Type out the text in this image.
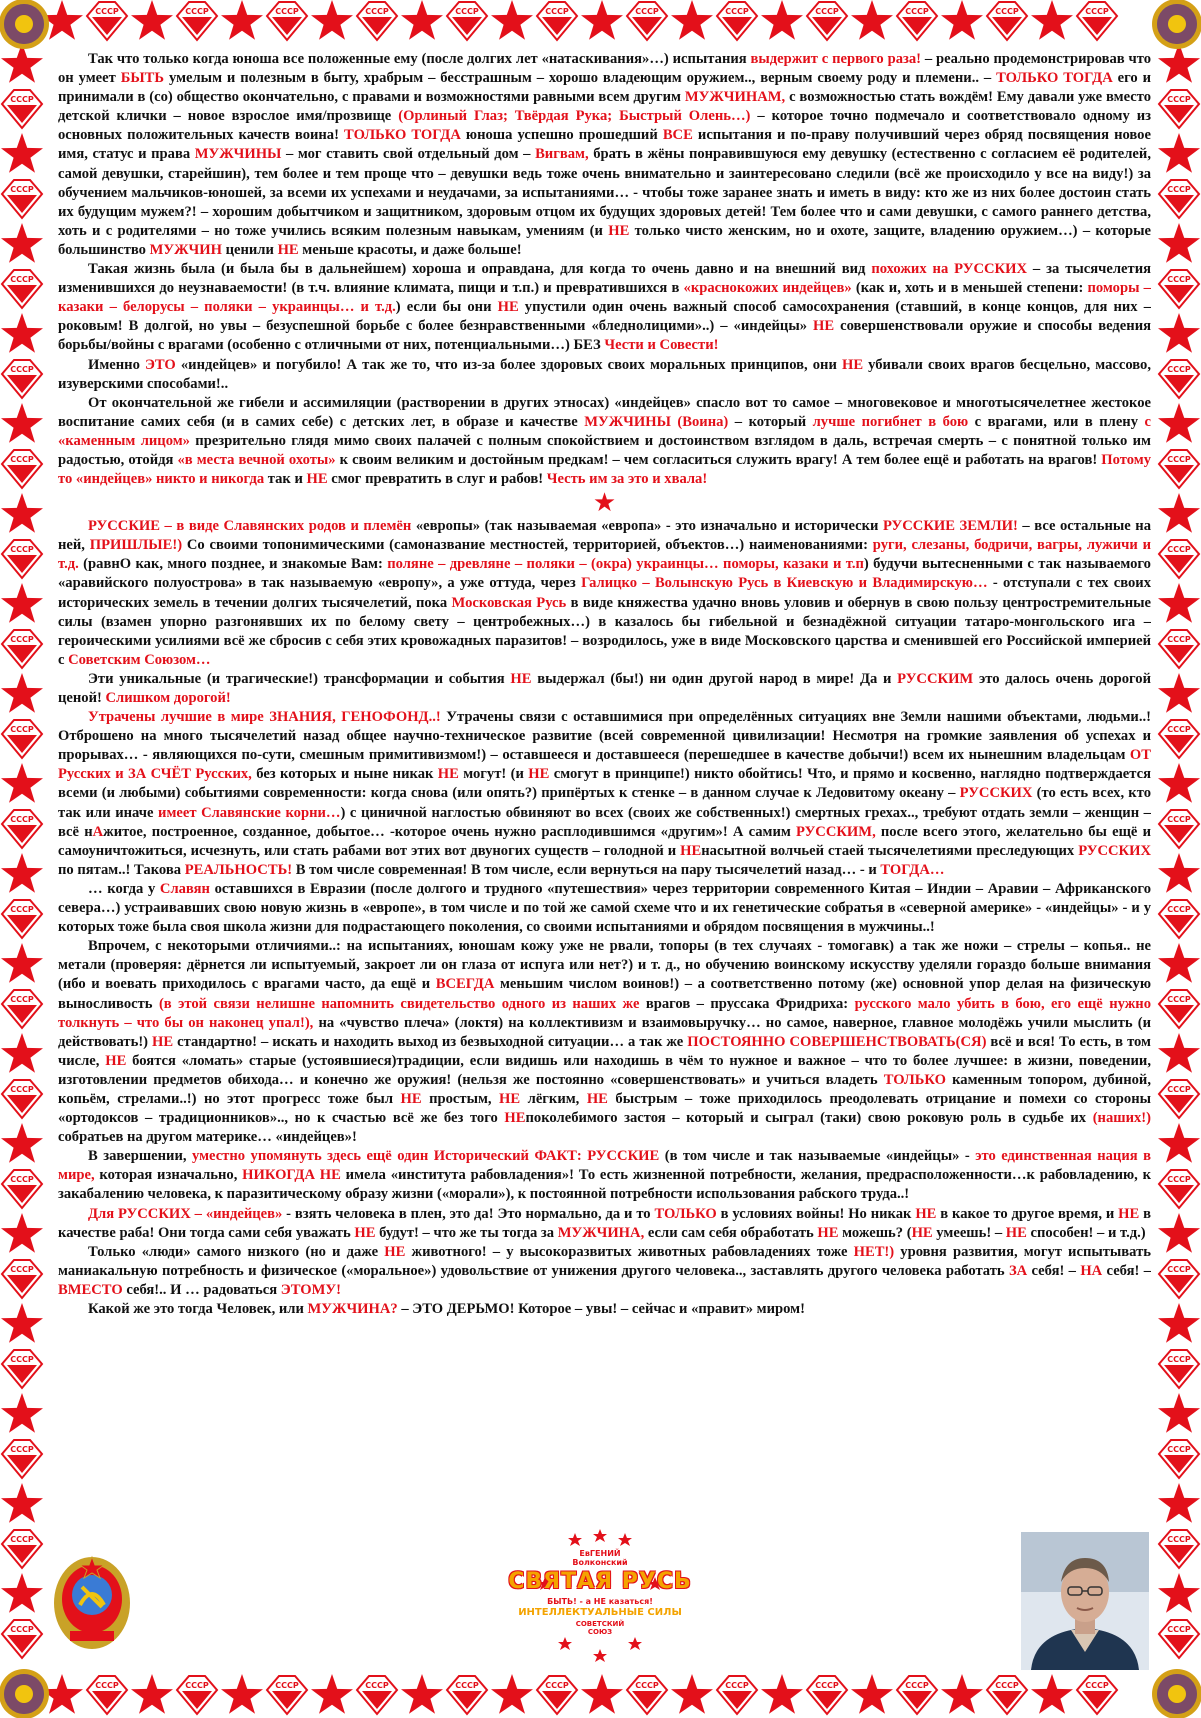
Так что только когда юноша все положенные ему (после долгих лет «натаскивания»…) испытания выдержит с первого раза! – реально продемонстрировав что он умеет БЫТЬ умелым и полезным в быту, храбрым – бесстрашным – хорошо владеющим оружием.., верным своему роду и племени.. – ТОЛЬКО ТОГДА его и принимали в (со) общество окончательно, с правами и возможностями равными всем другим МУЖЧИНАМ, с возможностью стать вождём! Ему давали уже вместо детской клички – новое взрослое имя/прозвище (Орлиный Глаз; Твёрдая Рука; Быстрый Олень…) – которое точно подмечало и соответствовало одному из основных положительных качеств воина! ТОЛЬКО ТОГДА юноша успешно прошедший ВСЕ испытания и по-праву получивший через обряд посвящения новое имя, статус и права МУЖЧИНЫ – мог ставить свой отдельный дом – Вигвам, брать в жёны понравившуюся ему девушку (естественно с согласием её родителей, самой девушки, старейшин), тем более и тем проще что – девушки ведь тоже очень внимательно и заинтересовано следили (всё же происходило у все на виду!) за обучением мальчиков-юношей, за всеми их успехами и неудачами, за испытаниями… - чтобы тоже заранее знать и иметь в виду: кто же из них более достоин стать их будущим мужем?! – хорошим добытчиком и защитником, здоровым отцом их будущих здоровых детей! Тем более что и сами девушки, с самого раннего детства, хоть и с родителями – но тоже учились всяким полезным навыкам, умениям (и НЕ только чисто женским, но и охоте, защите, владению оружием…) – которые большинство МУЖЧИН ценили НЕ меньше красоты, и даже больше!

Такая жизнь была (и была бы в дальнейшем) хороша и оправдана, для когда то очень давно и на внешний вид похожих на РУССКИХ – за тысячелетия изменившихся до неузнаваемости! (в т.ч. влияние климата, пищи и т.п.) и превратившихся в «краснокожих индейцев» (как и, хоть и в меньшей степени: поморы – казаки – белорусы – поляки – украинцы… и т.д.) если бы они НЕ упустили один очень важный способ самосохранения (ставший, в конце концов, для них – роковым! В долгой, но увы – безуспешной борьбе с более безнравственными «бледнолицими»..) – «индейцы» НЕ совершенствовали оружие и способы ведения борьбы/войны с врагами (особенно с отличными от них, потенциальными…) БЕЗ Чести и Совести!

Именно ЭТО «индейцев» и погубило! А так же то, что из-за более здоровых своих моральных принципов, они НЕ убивали своих врагов бесцельно, массово, изуверскими способами!..

От окончательной же гибели и ассимиляции (растворении в других этносах) «индейцев» спасло вот то самое – многовековое и многотысячелетнее жестокое воспитание самих себя (и в самих себе) с детских лет, в образе и качестве МУЖЧИНЫ (Воина) – который лучше погибнет в бою с врагами, или в плену с «каменным лицом» презрительно глядя мимо своих палачей с полным спокойствием и достоинством взглядом в даль, встречая смерть – с понятной только им радостью, отойдя «в места вечной охоты» к своим великим и достойным предкам! – чем согласиться служить врагу! А тем более ещё и работать на врагов! Потому то «индейцев» никто и никогда так и НЕ смог превратить в слуг и рабов! Честь им за это и хвала!

★

РУССКИЕ – в виде Славянских родов и племён «европы» (так называемая «европа» - это изначально и исторически РУССКИЕ ЗЕМЛИ! – все остальные на ней, ПРИШЛЫЕ!) Со своими топонимическими (самоназвание местностей, территорией, объектов…) наименованиями: руги, слезаны, бодричи, вагры, лужичи и т.д. (равнО как, много позднее, и знакомые Вам: поляне – древляне – поляки – (окра) украинцы… поморы, казаки и т.п) будучи вытесненными с так называемого «аравийского полуострова» в так называемую «европу», а уже оттуда, через Галицко – Волынскую Русь в Киевскую и Владимирскую… - отступали с тех своих исторических земель в течении долгих тысячелетий, пока Московская Русь в виде княжества удачно вновь уловив и обернув в свою пользу центростремительные силы (взамен упорно разгонявших их по белому свету – центробежных…) в казалось бы гибельной и безнадёжной ситуации татаро-монгольского ига – героическими усилиями всё же сбросив с себя этих кровожадных паразитов! – возродилось, уже в виде Московского царства и сменившей его Российской империей с Советским Союзом…

Эти уникальные (и трагические!) трансформации и события НЕ выдержал (бы!) ни один другой народ в мире! Да и РУССКИМ это далось очень дорогой ценой! Слишком дорогой!

Утрачены лучшие в мире ЗНАНИЯ, ГЕНОФОНД..! Утрачены связи с оставшимися при определённых ситуациях вне Земли нашими объектами, людьми..! Отброшено на много тысячелетий назад общее научно-техническое развитие (всей современной цивилизации! Несмотря на громкие заявления об успехах и прорывах… - являющихся по-сути, смешным примитивизмом!) – оставшееся и доставшееся (перешедшее в качестве добычи!) всем их нынешним владельцам ОТ Русских и ЗА СЧЁТ Русских, без которых и ныне никак НЕ могут! (и НЕ смогут в принципе!) никто обойтись! Что, и прямо и косвенно, наглядно подтверждается всеми (и любыми) событиями современности: когда снова (или опять?) припёртых к стенке – в данном случае к Ледовитому океану – РУССКИХ (то есть всех, кто так или иначе имеет Славянские корни…) с циничной наглостью обвиняют во всех (своих же собственных!) смертных грехах.., требуют отдать земли – женщин – всё нАжитое, построенное, созданное, добытое… -которое очень нужно расплодившимся «другим»! А самим РУССКИМ, после всего этого, желательно бы ещё и самоуничтожиться, исчезнуть, или стать рабами вот этих вот двуногих существ – голодной и НЕнасытной волчьей стаей тысячелетиями преследующих РУССКИХ по пятам..! Такова РЕАЛЬНОСТЬ! В том числе современная! В том числе, если вернуться на пару тысячелетий назад… - и ТОГДА…

… когда у Славян оставшихся в Евразии (после долгого и трудного «путешествия» через территории современного Китая – Индии – Аравии – Африканского севера…) устраивавших свою новую жизнь в «европе», в том числе и по той же самой схеме что и их генетические собратья в «северной америке» - «индейцы» - и у которых тоже была своя школа жизни для подрастающего поколения, со своими испытаниями и обрядом посвящения в мужчины..!

Впрочем, с некоторыми отличиями..: на испытаниях, юношам кожу уже не рвали, топоры (в тех случаях - томогавк) а так же ножи – стрелы – копья.. не метали (проверяя: дёрнется ли испытуемый, закроет ли он глаза от испуга или нет?) и т. д., но обучению воинскому искусству уделяли гораздо больше внимания (ибо и воевать приходилось с врагами часто, да ещё и ВСЕГДА меньшим числом воинов!) – а соответственно потому (же) основной упор делая на физическую выносливость (в этой связи нелишне напомнить свидетельство одного из наших же врагов – пруссака Фридриха: русского мало убить в бою, его ещё нужно толкнуть – что бы он наконец упал!), на «чувство плеча» (локтя) на коллективизм и взаимовыручку… но самое, наверное, главное молодёжь учили мыслить (и действовать!) НЕ стандартно! – искать и находить выход из безвыходной ситуации… а так же ПОСТОЯННО СОВЕРШЕНСТВОВАТЬ(СЯ) всё и вся! То есть, в том числе, НЕ боятся «ломать» старые (устоявшиеся)традиции, если видишь или находишь в чём то нужное и важное – что то более лучшее: в жизни, поведении, изготовлении предметов обихода… и конечно же оружия! (нельзя же постоянно «совершенствовать» и учиться владеть ТОЛЬКО каменным топором, дубиной, копьём, стрелами..!) но этот прогресс тоже был НЕ простым, НЕ лёгким, НЕ быстрым – тоже приходилось преодолевать отрицание и помехи со стороны «ортодоксов – традиционников».., но к счастью всё же без того НЕпоколебимого застоя – который и сыграл (таки) свою роковую роль в судьбе их (наших!) собратьев на другом материке… «индейцев»!

В завершении, уместно упомянуть здесь ещё один Исторический ФАКТ: РУССКИЕ (в том числе и так называемые «индейцы» - это единственная нация в мире, которая изначально, НИКОГДА НЕ имела «института рабовладения»! То есть жизненной потребности, желания, предрасположенности…к рабовладению, к закабалению человека, к паразитическому образу жизни («морали»), к постоянной потребности использования рабского труда..!

Для РУССКИХ – «индейцев» - взять человека в плен, это да! Это нормально, да и то ТОЛЬКО в условиях войны! Но никак НЕ в какое то другое время, и НЕ в качестве раба! Они тогда сами себя уважать НЕ будут! – что же ты тогда за МУЖЧИНА, если сам себя обработать НЕ можешь? (НЕ умеешь! – НЕ способен! – и т.д.)

Только «люди» самого низкого (но и даже НЕ животного! – у высокоразвитых животных рабовладениях тоже НЕТ!) уровня развития, могут испытывать маниакальную потребность и физическое («моральное») удовольствие от унижения другого человека.., заставлять другого человека работать ЗА себя! – НА себя! – ВМЕСТО себя!.. И … радоваться ЭТОМУ!

Какой же это тогда Человек, или МУЖЧИНА? – ЭТО ДЕРЬМО! Которое – увы! – сейчас и «правит» миром!

ЕвГЕНИЙ
Волконский
СВЯТАЯ РУСЬ
БЫТЬ! - а НЕ казаться!
ИНТЕЛЛЕКТУАЛЬНЫЕ СИЛЫ
СОВЕТСКИЙ
СОЮЗ
